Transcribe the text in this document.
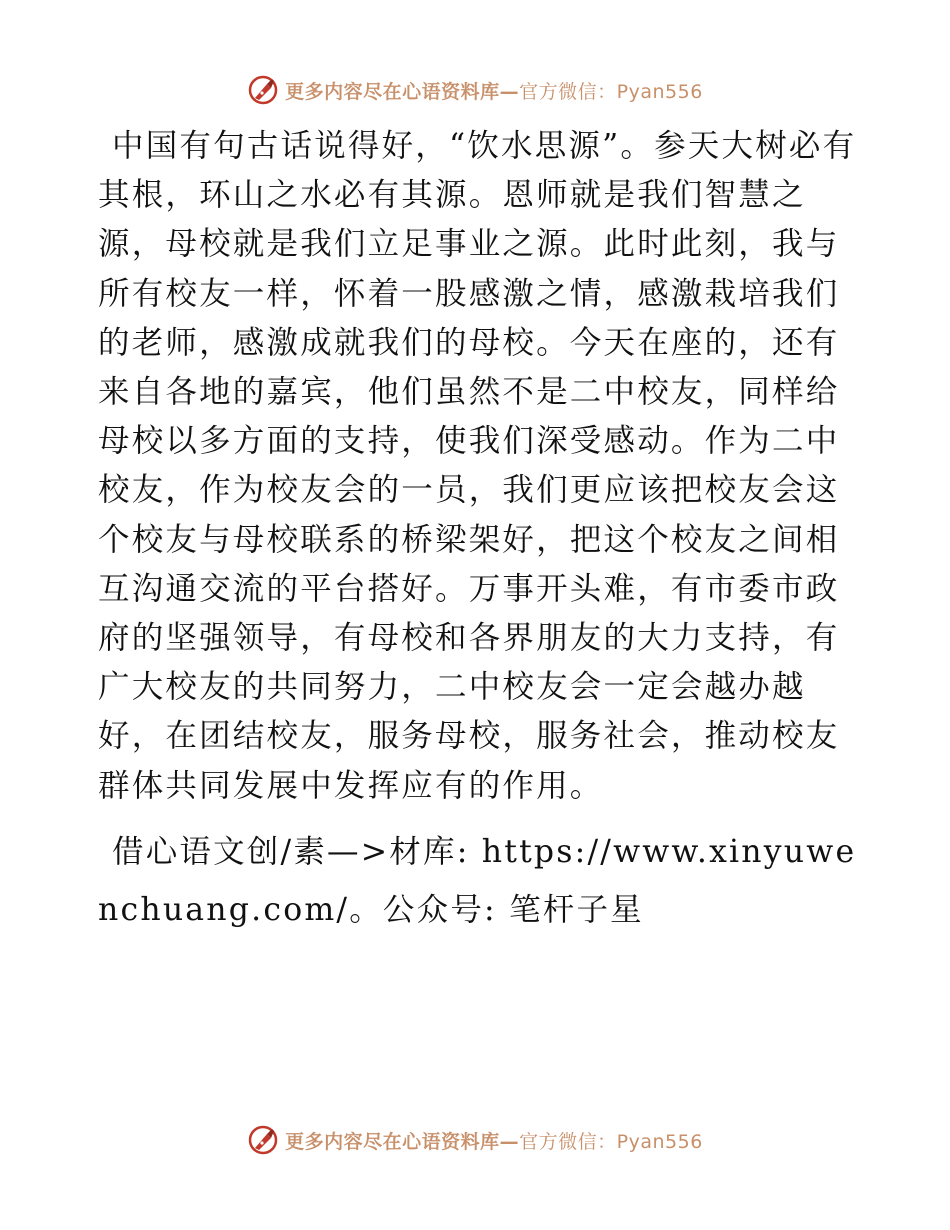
更多内容尽在心语资料库—官方微信：Pyan556

中国有句古话说得好，“饮水思源”。参天大树必有其根，环山之水必有其源。恩师就是我们智慧之源，母校就是我们立足事业之源。此时此刻，我与所有校友一样，怀着一股感激之情，感激栽培我们的老师，感激成就我们的母校。今天在座的，还有来自各地的嘉宾，他们虽然不是二中校友，同样给母校以多方面的支持，使我们深受感动。作为二中校友，作为校友会的一员，我们更应该把校友会这个校友与母校联系的桥梁架好，把这个校友之间相互沟通交流的平台搭好。万事开头难，有市委市政府的坚强领导，有母校和各界朋友的大力支持，有广大校友的共同努力，二中校友会一定会越办越好，在团结校友，服务母校，服务社会，推动校友群体共同发展中发挥应有的作用。

借心语文创/素—>材库: https://www.xinyuwenchuang.com/。公众号: 笔杆子星

更多内容尽在心语资料库—官方微信：Pyan556
